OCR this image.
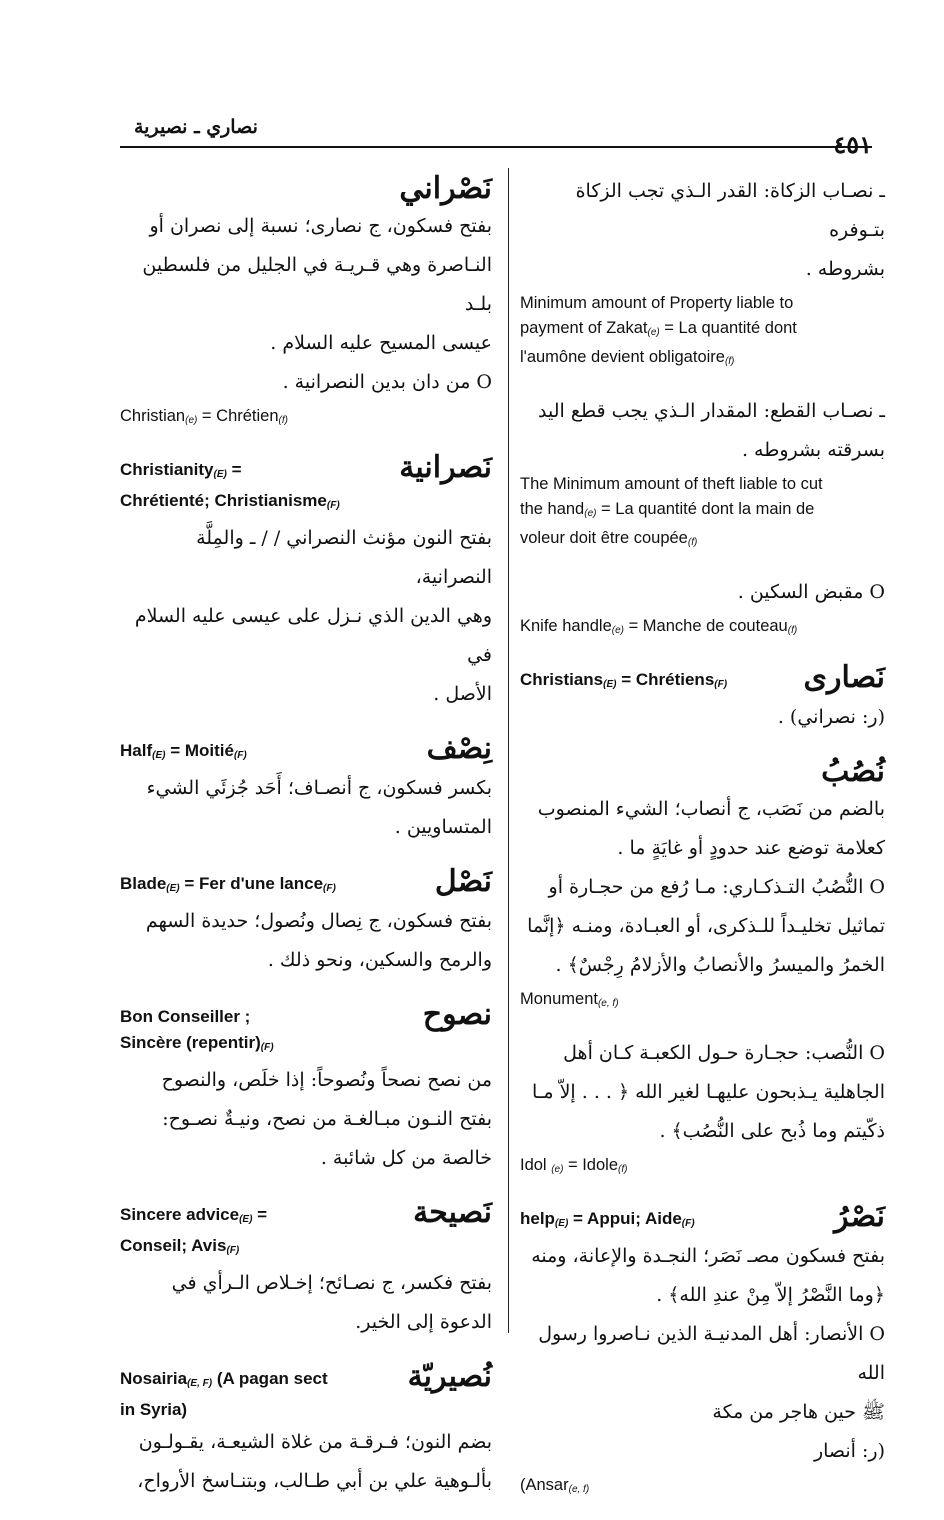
نصاري ـ نصيرية
٤٥١
نَصْراني

بفتح فسكون، ج نصارى؛ نسبة إلى نصران أو

النـاصرة وهي قـريـة في الجليل من فلسطين بلـد

عيسى المسيح عليه السلام .

O من دان بدين النصرانية .

Christian$_{(e)}$ = Chrétien$_{(f)}$
Christianity$_{(E)}$ =
Chrétienté; Christianisme$_{(F)}$
نَصرانية

بفتح النون مؤنث النصراني / / ـ والمِلَّة النصرانية،

وهي الدين الذي نـزل على عيسى عليه السلام في

الأصل .

Half$_{(E)}$ = Moitié$_{(F)}$	نِصْف

بكسر فسكون، ج أنصـاف؛ أَحَد جُزئَي الشيء

المتساويين .

Blade$_{(E)}$ = Fer d'une lance$_{(F)}$	نَصْل

بفتح فسكون، ج نِصال ونُصول؛ حديدة السهم

والرمح والسكين، ونحو ذلك .

Bon Conseiller ;
Sincère $(repentir)_{(F)}$
نصوح

من نصح نصحاً ونُصوحاً: إذا خلَص، والنصوح

بفتح النـون مبـالغـة من نصح، ونيـةٌ نصـوح:

خالصة من كل شائبة .

Sincere advice$_{(E)}$ =
Conseil; Avis$_{(F)}$
نَصيحة

بفتح فكسر، ج نصـائح؛ إخـلاص الـرأي في

الدعوة إلى الخير.

Nosairia$_{(E, F)}$ (A pagan sect
in Syria)
نُصيريّة

بضم النون؛ فـرقـة من غلاة الشيعـة، يقـولـون

بألـوهية علي بن أبي طـالب، وبتنـاسخ الأرواح،

ـ نصـاب الزكاة: القدر الـذي تجب الزكاة بتـوفره

بشروطه .

Minimum amount of Property liable to
payment of Zakat$_{(e)}$ = La quantité dont
l'aumône devient obligatoire$_{(f)}$

ـ نصـاب القطع: المقدار الـذي يجب قطع اليد

بسرقته بشروطه .

The Minimum amount of theft liable to cut
the hand$_{(e)}$ = La quantité dont la main de
voleur doit être coupée$_{(f)}$

O مقبض السكين .

Knife handle$_{(e)}$ = Manche de couteau$_{(f)}$
Christians$_{(E)}$ = Chrétiens$_{(F)}$	نَصارى

(ر: نصراني) .

نُصُبُ

بالضم من نَصَب، ج أنصاب؛ الشيء المنصوب

كعلامة توضع عند حدودٍ أو غايَةٍ ما .

O النُّصُبُ التـذكـاري: مـا رُفع من حجـارة أو

تماثيل تخليـداً للـذكرى، أو العبـادة، ومنـه ﴿إنَّما

الخمرُ والميسرُ والأنصابُ والأزلامُ رِجْسٌ﴾ .

Monument$_{(e, f)}$

O النُّصب: حجـارة حـول الكعبـة كـان أهل

الجاهلية يـذبحون عليهـا لغير الله ﴿ . . . إلاّ مـا

ذكّيتم وما ذُبح على النُّصُب﴾ .

Idol $_{(e)}$ = Idole$_{(f)}$
help$_{(E)}$ = Appui; Aide$_{(F)}$	نَصْرُ

بفتح فسكون مصـ نَصَر؛ النجـدة والإعانة، ومنه

﴿وما النَّصْرُ إلاّ مِنْ عندِ الله﴾ .

O الأنصار: أهل المدنيـة الذين نـاصروا رسول الله

ﷺ حين هاجر من مكة

(ر: أنصار

(Ansar$_{(e, f)}$
